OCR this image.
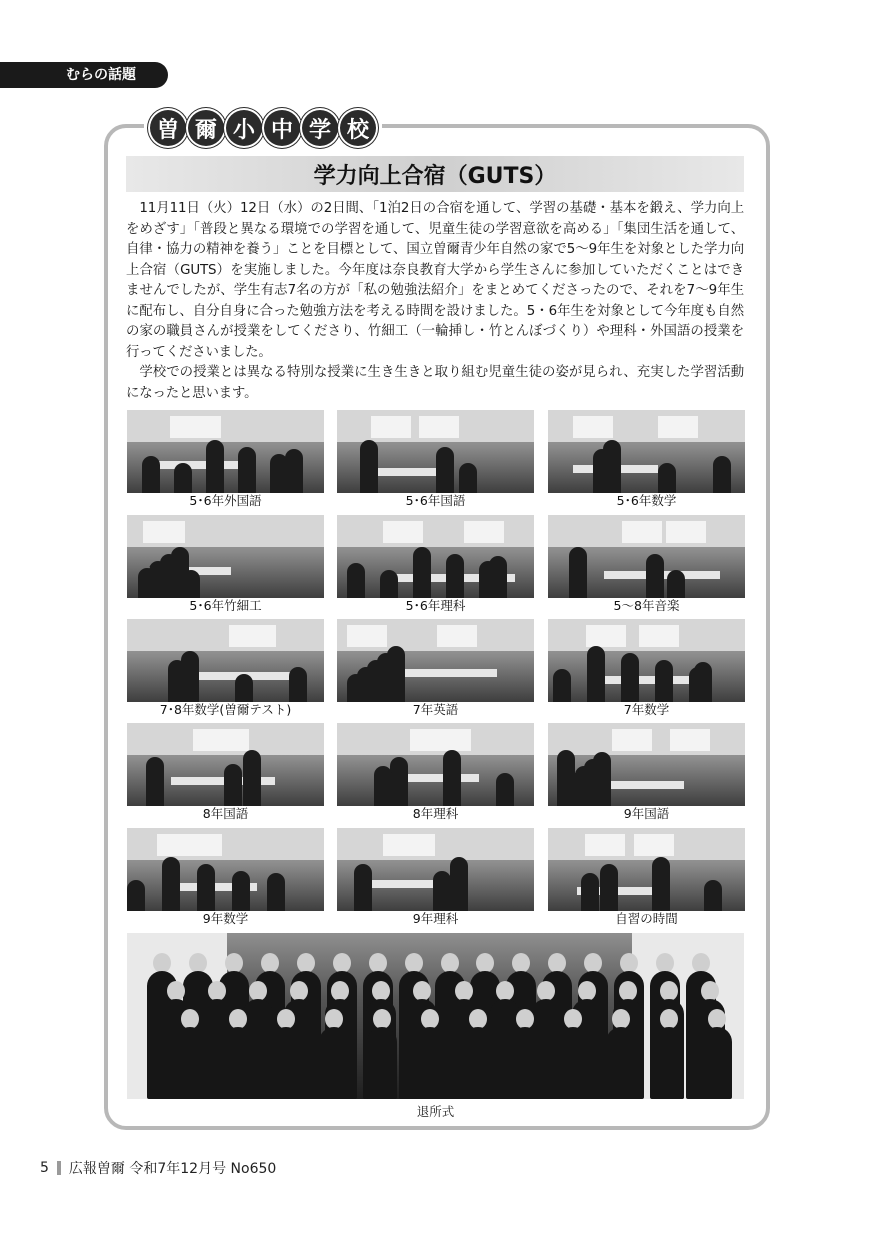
むらの話題
曽 爾 小 中 学 校
学力向上合宿（GUTS）

11月11日（火）12日（水）の2日間、「1泊2日の合宿を通して、学習の基礎・基本を鍛え、学力向上をめざす」「普段と異なる環境での学習を通して、児童生徒の学習意欲を高める」「集団生活を通して、自律・協力の精神を養う」ことを目標として、国立曽爾青少年自然の家で5～9年生を対象とした学力向上合宿（GUTS）を実施しました。今年度は奈良教育大学から学生さんに参加していただくことはできませんでしたが、学生有志7名の方が「私の勉強法紹介」をまとめてくださったので、それを7～9年生に配布し、自分自身に合った勉強方法を考える時間を設けました。5・6年生を対象として今年度も自然の家の職員さんが授業をしてくださり、竹細工（一輪挿し・竹とんぼづくり）や理科・外国語の授業を行ってくださいました。

学校での授業とは異なる特別な授業に生き生きと取り組む児童生徒の姿が見られ、充実した学習活動になったと思います。

5･6年外国語	5･6年国語	5･6年数学
5･6年竹細工	5･6年理科	5～8年音楽
7･8年数学(曽爾テスト)	7年英語	7年数学
8年国語	8年理科	9年国語
9年数学	9年理科	自習の時間
退所式
5 広報曽爾 令和7年12月号 No650
